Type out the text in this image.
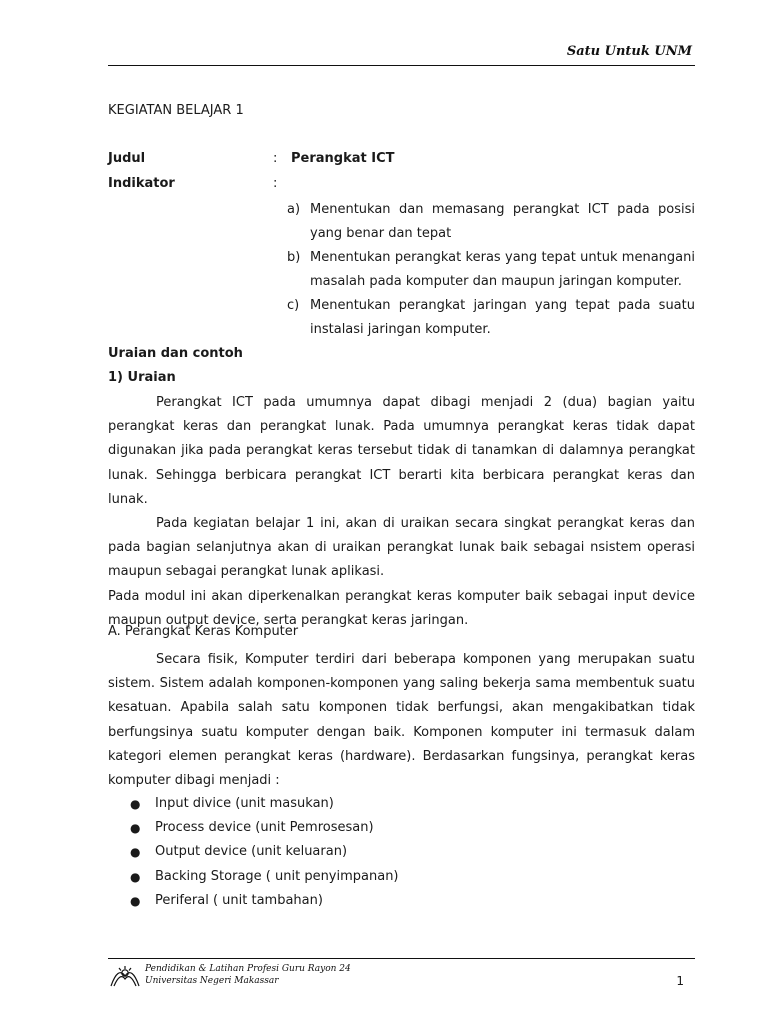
Satu Untuk UNM
KEGIATAN BELAJAR 1
Judul	: Perangkat ICT
Indikator	:
a) Menentukan dan memasang perangkat ICT pada posisi yang benar dan tepat
b) Menentukan perangkat keras yang tepat untuk menangani masalah pada komputer dan maupun jaringan komputer.
c) Menentukan perangkat jaringan yang tepat pada suatu instalasi jaringan komputer.
Uraian dan contoh
1) Uraian

Perangkat ICT pada umumnya dapat dibagi menjadi 2 (dua) bagian yaitu perangkat keras dan perangkat lunak. Pada umumnya perangkat keras tidak dapat digunakan jika pada perangkat keras tersebut tidak di tanamkan di dalamnya perangkat lunak. Sehingga berbicara perangkat ICT berarti kita berbicara perangkat keras dan lunak.

Pada kegiatan belajar 1 ini, akan di uraikan secara singkat perangkat keras dan pada bagian selanjutnya akan di uraikan perangkat lunak baik sebagai nsistem operasi maupun sebagai perangkat lunak aplikasi.

Pada modul ini akan diperkenalkan perangkat keras komputer baik sebagai input device maupun output device, serta perangkat keras jaringan.

A. Perangkat Keras Komputer

Secara fisik, Komputer terdiri dari beberapa komponen yang merupakan suatu sistem. Sistem adalah komponen-komponen yang saling bekerja sama membentuk suatu kesatuan. Apabila salah satu komponen tidak berfungsi, akan mengakibatkan tidak berfungsinya suatu komputer dengan baik. Komponen komputer ini termasuk dalam kategori elemen perangkat keras (hardware). Berdasarkan fungsinya, perangkat keras komputer dibagi menjadi :

● Input divice (unit masukan)
● Process device (unit Pemrosesan)
● Output device (unit keluaran)
● Backing Storage ( unit penyimpanan)
● Periferal ( unit tambahan)
Pendidikan & Latihan Profesi Guru Rayon 24
Universitas Negeri Makassar	1
